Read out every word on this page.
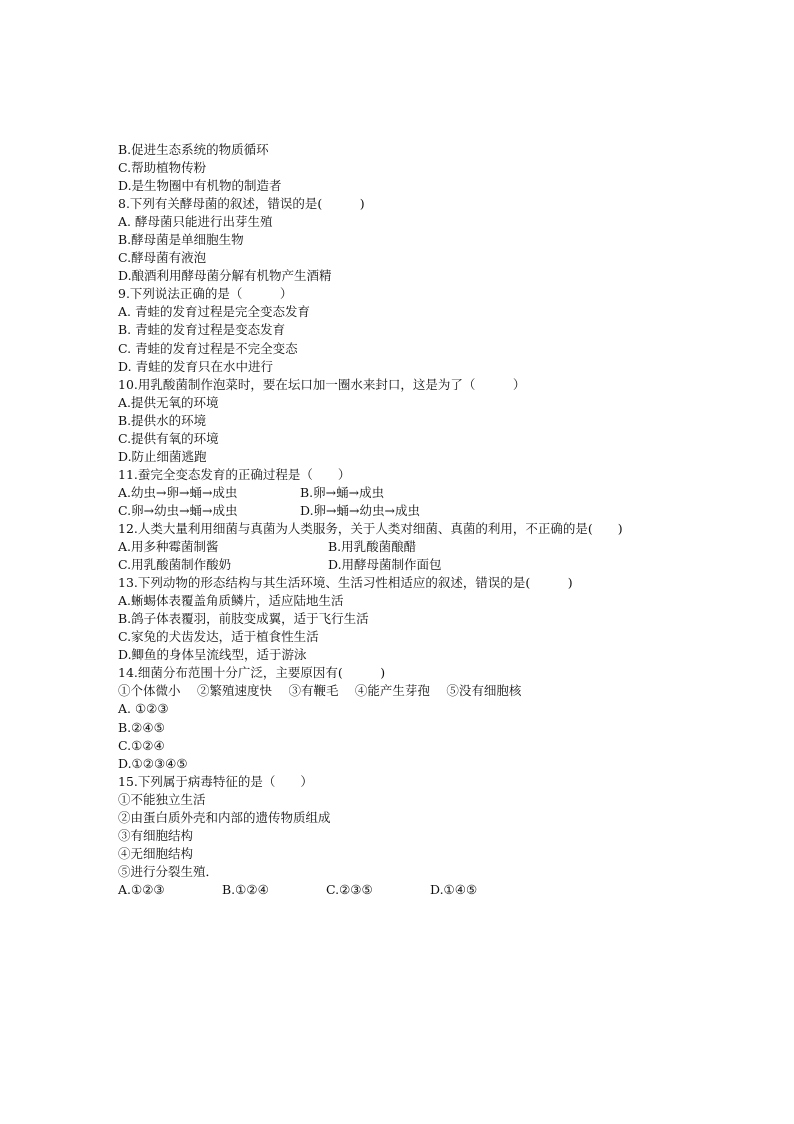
B.促进生态系统的物质循环
C.帮助植物传粉
D.是生物圈中有机物的制造者
8.下列有关酵母菌的叙述，错误的是(　　　)
A. 酵母菌只能进行出芽生殖
B.酵母菌是单细胞生物
C.酵母菌有液泡
D.酿酒利用酵母菌分解有机物产生酒精
9.下列说法正确的是（　　　）
A. 青蛙的发育过程是完全变态发育
B. 青蛙的发育过程是变态发育
C. 青蛙的发育过程是不完全变态
D. 青蛙的发育只在水中进行
10.用乳酸菌制作泡菜时，要在坛口加一圈水来封口，这是为了（　　　）
A.提供无氧的环境
B.提供水的环境
C.提供有氧的环境
D.防止细菌逃跑
11.蚕完全变态发育的正确过程是（　　）
A.幼虫→卵→蛹→成虫	B.卵→蛹→成虫
C.卵→幼虫→蛹→成虫	D.卵→蛹→幼虫→成虫
12.人类大量利用细菌与真菌为人类服务，关于人类对细菌、真菌的利用，不正确的是(　　)
A.用多种霉菌制酱	B.用乳酸菌酿醋
C.用乳酸菌制作酸奶	D.用酵母菌制作面包
13.下列动物的形态结构与其生活环境、生活习性相适应的叙述，错误的是(　　　)
A.蜥蜴体表覆盖角质鳞片，适应陆地生活
B.鸽子体表覆羽，前肢变成翼，适于飞行生活
C.家兔的犬齿发达，适于植食性生活
D.鲫鱼的身体呈流线型，适于游泳
14.细菌分布范围十分广泛，主要原因有(　　　)
①个体微小　 ②繁殖速度快　 ③有鞭毛　 ④能产生芽孢　 ⑤没有细胞核
A. ①②③
B.②④⑤
C.①②④
D.①②③④⑤
15.下列属于病毒特征的是（　　）
①不能独立生活
②由蛋白质外壳和内部的遗传物质组成
③有细胞结构
④无细胞结构
⑤进行分裂生殖．
A.①②③	B.①②④	C.②③⑤	D.①④⑤
